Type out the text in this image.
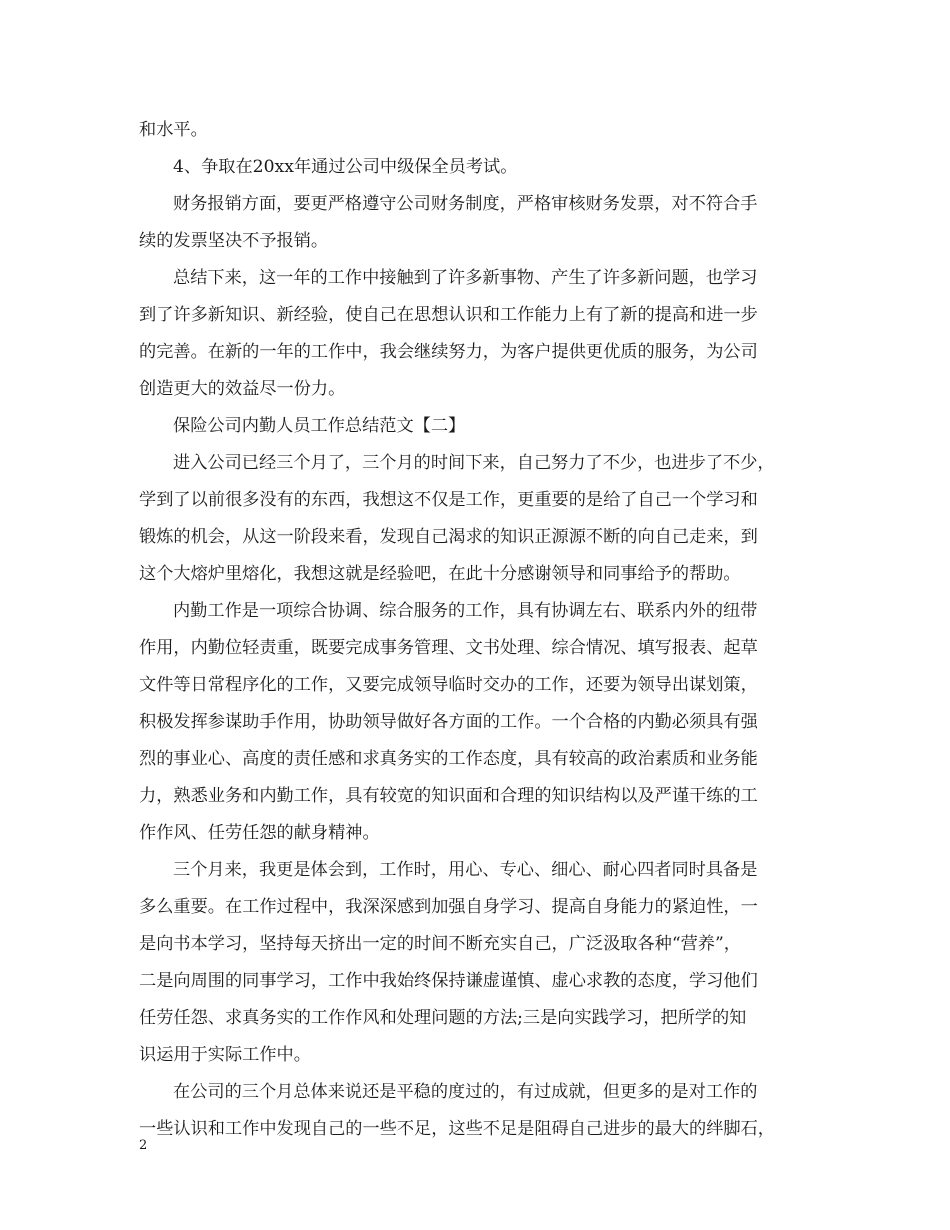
和水平。
4、争取在20xx年通过公司中级保全员考试。
财务报销方面，要更严格遵守公司财务制度，严格审核财务发票，对不符合手
续的发票坚决不予报销。
总结下来，这一年的工作中接触到了许多新事物、产生了许多新问题，也学习
到了许多新知识、新经验，使自己在思想认识和工作能力上有了新的提高和进一步
的完善。在新的一年的工作中，我会继续努力，为客户提供更优质的服务，为公司
创造更大的效益尽一份力。
保险公司内勤人员工作总结范文【二】
进入公司已经三个月了，三个月的时间下来，自己努力了不少，也进步了不少，
学到了以前很多没有的东西，我想这不仅是工作，更重要的是给了自己一个学习和
锻炼的机会，从这一阶段来看，发现自己渴求的知识正源源不断的向自己走来，到
这个大熔炉里熔化，我想这就是经验吧，在此十分感谢领导和同事给予的帮助。
内勤工作是一项综合协调、综合服务的工作，具有协调左右、联系内外的纽带
作用，内勤位轻责重，既要完成事务管理、文书处理、综合情况、填写报表、起草
文件等日常程序化的工作，又要完成领导临时交办的工作，还要为领导出谋划策，
积极发挥参谋助手作用，协助领导做好各方面的工作。一个合格的内勤必须具有强
烈的事业心、高度的责任感和求真务实的工作态度，具有较高的政治素质和业务能
力，熟悉业务和内勤工作，具有较宽的知识面和合理的知识结构以及严谨干练的工
作作风、任劳任怨的献身精神。
三个月来，我更是体会到，工作时，用心、专心、细心、耐心四者同时具备是
多么重要。在工作过程中，我深深感到加强自身学习、提高自身能力的紧迫性，一
是向书本学习，坚持每天挤出一定的时间不断充实自己，广泛汲取各种“营养”，
二是向周围的同事学习，工作中我始终保持谦虚谨慎、虚心求教的态度，学习他们
任劳任怨、求真务实的工作作风和处理问题的方法;三是向实践学习，把所学的知
识运用于实际工作中。
在公司的三个月总体来说还是平稳的度过的，有过成就，但更多的是对工作的
一些认识和工作中发现自己的一些不足，这些不足是阻碍自己进步的最大的绊脚石，
2
